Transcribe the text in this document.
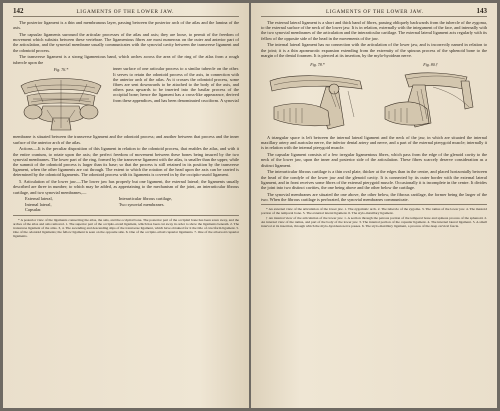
142	LIGAMENTS OF THE LOWER JAW.

The posterior ligament is a thin and membranous layer, passing between the posterior arch of the atlas and the lamina of the axis.

The capsular ligaments surround the articular processes of the atlas and axis; they are loose, to permit of the freedom of movement which subsists between these vertebrae. The ligamentous fibres are most numerous on the outer and anterior part of the articulation, and the synovial membrane usually communicates with the synovial cavity between the transverse ligament and the odontoid process.

The transverse ligament is a strong ligamentous band, which arches across the area of the ring of the atlas from a rough tubercle upon the

Fig. 76.*	inner surface of one articular process to a similar tubercle on the other. It serves to retain the odontoid process of the axis, in connection with the anterior arch of the atlas. As it crosses the odontoid process, some fibres are sent downwards to be attached to the body of the axis, and others pass upwards to be inserted into the basilar process of the occipital bone; hence the ligament has a cross-like appearance, derived from these appendices, and has been denominated cruciform. A synovial

membrane is situated between the transverse ligament and the odontoid process; and another between that process and the inner surface of the anterior arch of the atlas.

Actions.—It is the peculiar disposition of this ligament in relation to the odontoid process, that enables the atlas, and with it the entire cranium, to rotate upon the axis; the perfect freedom of movement between these bones being insured by the two synovial membranes. The lower part of the ring, formed by the transverse ligament with the atlas, is smaller than the upper, while the summit of the odontoid process is larger than its base; so that the process is still retained in its position by the transverse ligament, when the other ligaments are cut through. The extent to which the rotation of the head upon the axis can be carried is determined by the odontoid ligaments. The odontoid process with its ligaments is covered in by the occipito-axoid ligament.

5. Articulation of the lower jaw.—The lower jaw has properly but one ligament, the external lateral; the ligaments usually described are three in number; to which may be added, as appertaining to the mechanism of the joint, an interarticular fibrous cartilage, and two synovial membranes,—

External lateral,	Interarticular fibrous cartilage,
Internal lateral,	Two synovial membranes.
Capsular.

* A posterior view of the ligaments connecting the atlas, the axis, and the occipital bone. The posterior part of the occipital bone has been sawn away, and the arches of the atlas and axis removed. 1. The superior part of the occipito-axoid ligament, which has been cut away in order to show the ligaments beneath. 2. The transverse ligament of the atlas. 3, 4. The ascending and descending slips of the transverse ligament, which have obtained for it the title of cruciform ligament. 5. One of the odontoid ligaments; the fellow ligament is seen on the opposite side. 6. One of the occipito-atloid capsular ligaments. 7. One of the atloaxoid capsular ligaments.

LIGAMENTS OF THE LOWER JAW.	143

The external lateral ligament is a short and thick band of fibres, passing obliquely backwards from the tubercle of the zygoma, to the external surface of the neck of the lower jaw. It is in relation, externally with the integument of the face, and internally with the two synovial membranes of the articulation and the interarticular cartilage. The external lateral ligament acts regularly with its fellow of the opposite side of the head in the movements of the jaw.

The internal lateral ligament has no connection with the articulation of the lower jaw, and is incorrectly named in relation to the joint; it is a thin aponeurotic expansion extending from the extremity of the spinous process of the sphenoid bone to the margin of the dental foramen. It is pierced at its insertion, by the mylo-hyoidean nerve.

Fig. 78.*	Fig. 80.†

A triangular space is left between the internal lateral ligament and the neck of the jaw, in which are situated the internal maxillary artery and auricular nerve, the inferior dental artery and nerve, and a part of the external pterygoid muscle; internally it is in relation with the internal pterygoid muscle.

The capsular ligament consists of a few irregular ligamentous fibres, which pass from the edge of the glenoid cavity to the neck of the lower jaw, upon the inner and posterior side of the articulation. These fibres scarcely deserve consideration as a distinct ligament.

The interarticular fibrous cartilage is a thin oval plate, thicker at the edges than in the centre, and placed horizontally between the head of the condyle of the lower jaw and the glenoid cavity. It is connected by its outer border with the external lateral ligament, and in front receives some fibres of the external pterygoid muscle. Occasionally it is incomplete in the centre. It divides the joint into two distinct cavities, the one being above and the other below the cartilage.

The synovial membranes are situated the one above, the other below, the fibrous cartilage, the former being the larger of the two. When the fibrous cartilage is perforated, the synovial membranes communicate.

* An external view of the articulation of the lower jaw. 1. The zygomatic arch. 2. The tubercle of the zygoma. 3. The ramus of the lower jaw. 4. The mastoid portion of the temporal bone. 5. The external lateral ligament. 6. The stylo-maxillary ligament.

† An internal view of the articulation of the lower jaw. 1. A section through the petrous portion of the temporal bone and spinous process of the sphenoid. 2. An internal view of the ramus, and part of the body of the lower jaw. 3. The internal portion of the capsular ligament. 4. The internal lateral ligament. 5. A small interval at its insertion, through which the mylo-hyoidean nerve passes. 6. The stylo-maxillary ligament, a process of the deep cervical fascia.
